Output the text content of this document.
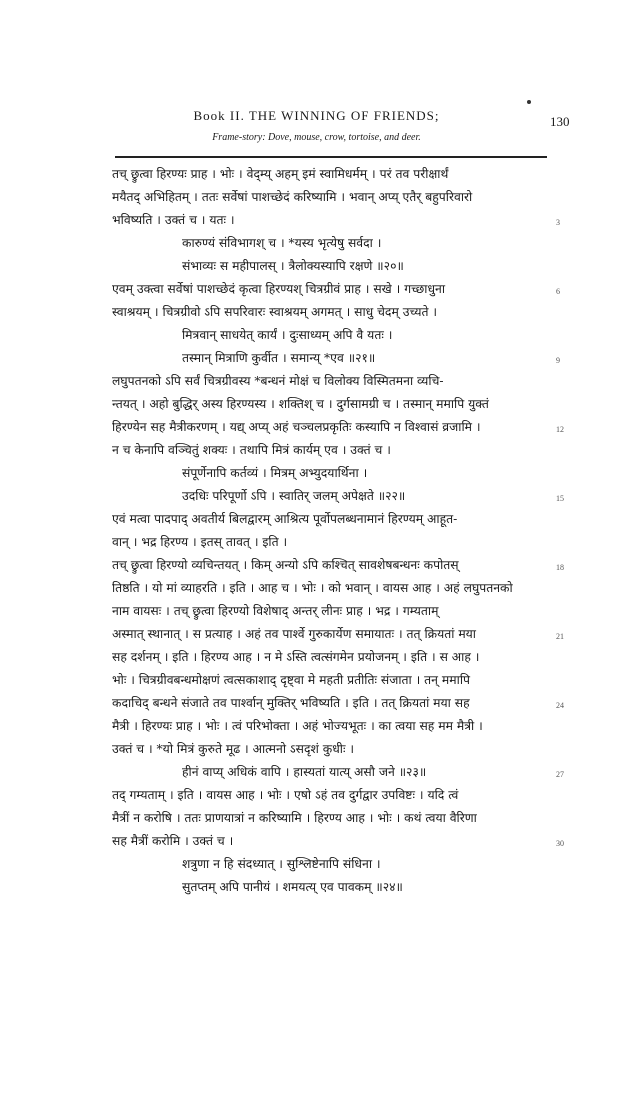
Book II. THE WINNING OF FRIENDS;
Frame-story: Dove, mouse, crow, tortoise, and deer.
130
तच् छ्रुत्वा हिरण्यः प्राह । भोः । वेद्म्य् अहम् इमं स्वामिधर्मम् । परं तव परीक्षार्थं
मयैतद् अभिहितम् । ततः सर्वेषां पाशच्छेदं करिष्यामि । भवान् अप्य् एतैर् बहुपरिवारो
भविष्यति । उक्तं च । यतः ।
कारुण्यं संविभागश् च । *यस्य भृत्येषु सर्वदा ।
संभाव्यः स महीपालस् । त्रैलोक्यस्यापि रक्षणे ॥२०॥
एवम् उक्त्वा सर्वेषां पाशच्छेदं कृत्वा हिरण्यश् चित्रग्रीवं प्राह । सखे । गच्छाधुना
स्वाश्रयम् । चित्रग्रीवो ऽपि सपरिवारः स्वाश्रयम् अगमत् । साधु चेदम् उच्यते ।
मित्रवान् साधयेत् कार्यं । दुःसाध्यम् अपि वै यतः ।
तस्मान् मित्राणि कुर्वीत । समान्य् *एव ॥२१॥
लघुपतनको ऽपि सर्वं चित्रग्रीवस्य *बन्धनं मोक्षं च विलोक्य विस्मितमना व्यचि-
न्तयत् । अहो बुद्धिर् अस्य हिरण्यस्य । शक्तिश् च । दुर्गसामग्री च । तस्मान् ममापि युक्तं
हिरण्येन सह मैत्रीकरणम् । यद्य् अप्य् अहं चञ्चलप्रकृतिः कस्यापि न विश्वासं व्रजामि ।
न च केनापि वञ्चितुं शक्यः । तथापि मित्रं कार्यम् एव । उक्तं च ।
संपूर्णेनापि कर्तव्यं । मित्रम् अभ्युदयार्थिना ।
उदधिः परिपूर्णो ऽपि । स्वातिर् जलम् अपेक्षते ॥२२॥
एवं मत्वा पादपाद् अवतीर्य बिलद्वारम् आश्रित्य पूर्वोपलब्धनामानं हिरण्यम् आहूत-
वान् । भद्र हिरण्य । इतस् तावत् । इति ।
तच् छ्रुत्वा हिरण्यो व्यचिन्तयत् । किम् अन्यो ऽपि कश्चित् सावशेषबन्धनः कपोतस्
तिष्ठति । यो मां व्याहरति । इति । आह च । भोः । को भवान् । वायस आह । अहं लघुपतनको
नाम वायसः । तच् छ्रुत्वा हिरण्यो विशेषाद् अन्तर् लीनः प्राह । भद्र । गम्यताम्
अस्मात् स्थानात् । स प्रत्याह । अहं तव पार्श्वे गुरुकार्येण समायातः । तत् क्रियतां मया
सह दर्शनम् । इति । हिरण्य आह । न मे ऽस्ति त्वत्संगमेन प्रयोजनम् । इति । स आह ।
भोः । चित्रग्रीवबन्धमोक्षणं त्वत्सकाशाद् दृष्ट्वा मे महती प्रतीतिः संजाता । तन् ममापि
कदाचिद् बन्धने संजाते तव पार्श्वान् मुक्तिर् भविष्यति । इति । तत् क्रियतां मया सह
मैत्री । हिरण्यः प्राह । भोः । त्वं परिभोक्ता । अहं भोज्यभूतः । का त्वया सह मम मैत्री ।
उक्तं च । *यो मित्रं कुरुते मूढ । आत्मनो ऽसदृशं कुधीः ।
हीनं वाप्य् अधिकं वापि । हास्यतां यात्य् असौ जने ॥२३॥
तद् गम्यताम् । इति । वायस आह । भोः । एषो ऽहं तव दुर्गद्वार उपविष्टः । यदि त्वं
मैत्रीं न करोषि । ततः प्राणयात्रां न करिष्यामि । हिरण्य आह । भोः । कथं त्वया वैरिणा
सह मैत्रीं करोमि । उक्तं च ।
शत्रुणा न हि संदध्यात् । सुश्लिष्टेनापि संधिना ।
सुतप्तम् अपि पानीयं । शमयत्य् एव पावकम् ॥२४॥
3
6
9
12
15
18
21
24
27
30
